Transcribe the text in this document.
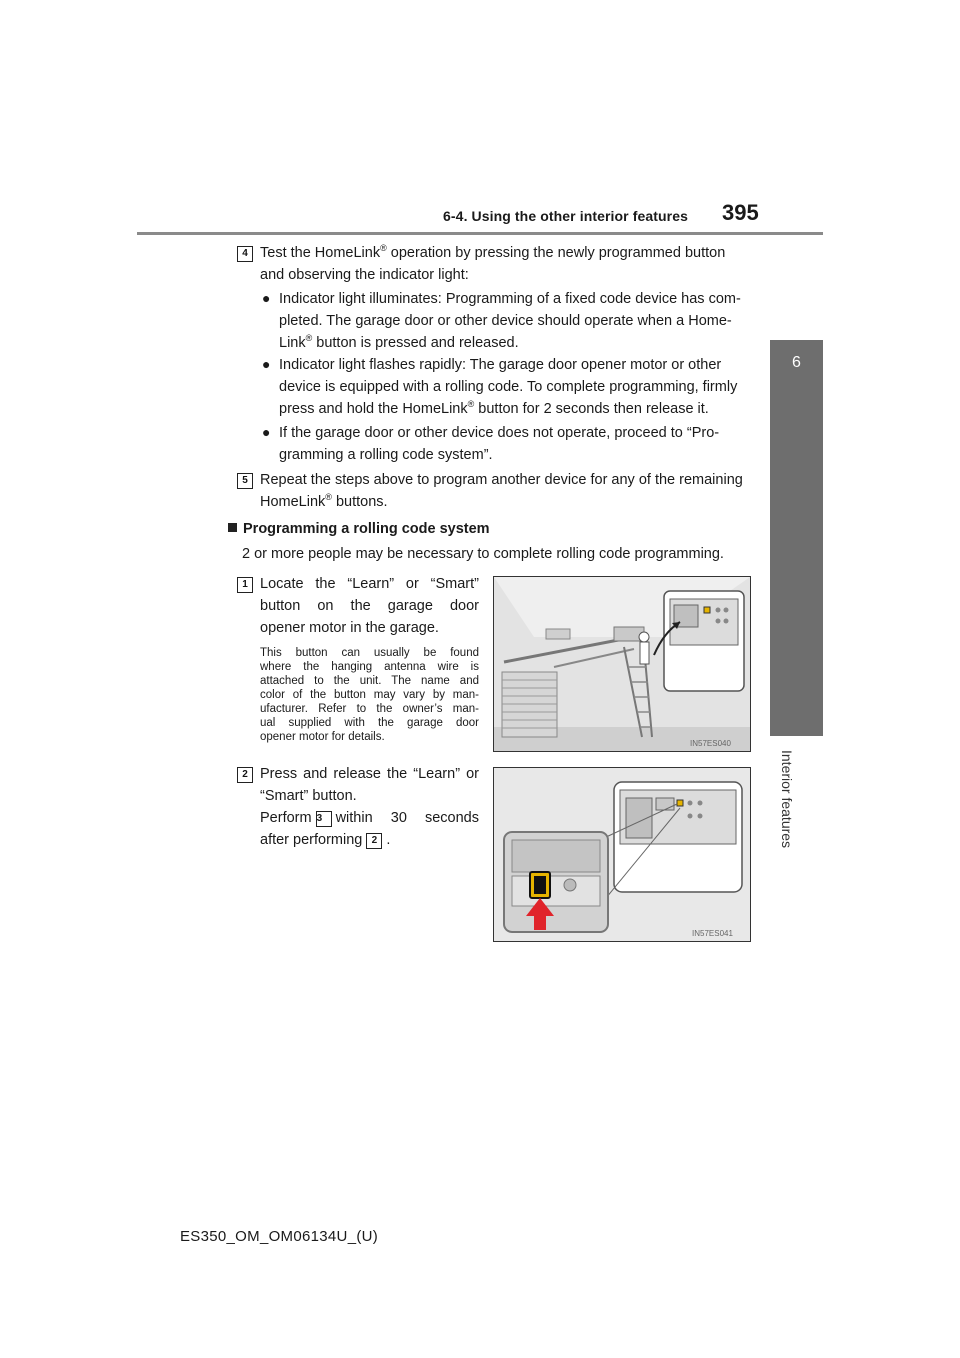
6-4. Using the other interior features 395
6
Interior features
4 Test the HomeLink® operation by pressing the newly programmed button
and observing the indicator light:
● Indicator light illuminates: Programming of a fixed code device has com-
pleted. The garage door or other device should operate when a Home-
Link® button is pressed and released.
● Indicator light flashes rapidly: The garage door opener motor or other
device is equipped with a rolling code. To complete programming, firmly
press and hold the HomeLink® button for 2 seconds then release it.
● If the garage door or other device does not operate, proceed to “Pro-
gramming a rolling code system”.
5 Repeat the steps above to program another device for any of the remaining
HomeLink® buttons.
Programming a rolling code system
2 or more people may be necessary to complete rolling code programming.
1 Locate the “Learn” or “Smart”
button on the garage door
opener motor in the garage.
This button can usually be found
where the hanging antenna wire is
attached to the unit. The name and
color of the button may vary by man-
ufacturer. Refer to the owner’s man-
ual supplied with the garage door
opener motor for details.
IN57ES040
2 Press and release the “Learn” or
“Smart” button.
Perform 3 within 30 seconds
after performing 2 .
IN57ES041
ES350_OM_OM06134U_(U)
